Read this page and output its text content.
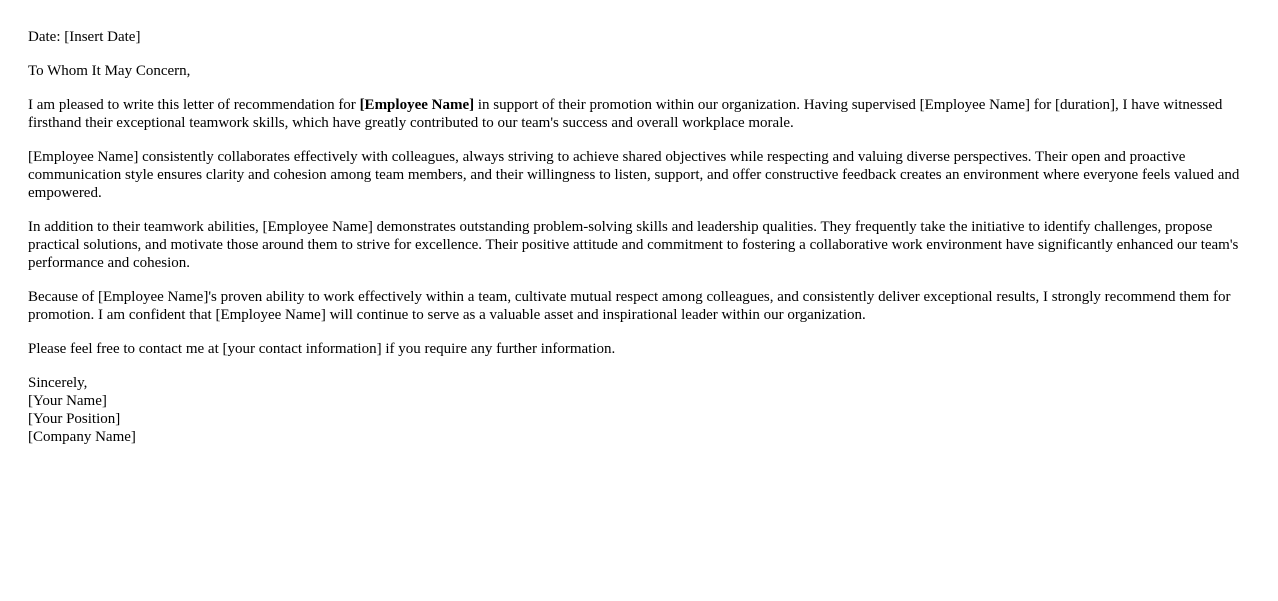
Date: [Insert Date]

To Whom It May Concern,

I am pleased to write this letter of recommendation for [Employee Name] in support of their promotion within our organization. Having supervised [Employee Name] for [duration], I have witnessed firsthand their exceptional teamwork skills, which have greatly contributed to our team's success and overall workplace morale.

[Employee Name] consistently collaborates effectively with colleagues, always striving to achieve shared objectives while respecting and valuing diverse perspectives. Their open and proactive communication style ensures clarity and cohesion among team members, and their willingness to listen, support, and offer constructive feedback creates an environment where everyone feels valued and empowered.

In addition to their teamwork abilities, [Employee Name] demonstrates outstanding problem-solving skills and leadership qualities. They frequently take the initiative to identify challenges, propose practical solutions, and motivate those around them to strive for excellence. Their positive attitude and commitment to fostering a collaborative work environment have significantly enhanced our team's performance and cohesion.

Because of [Employee Name]'s proven ability to work effectively within a team, cultivate mutual respect among colleagues, and consistently deliver exceptional results, I strongly recommend them for promotion. I am confident that [Employee Name] will continue to serve as a valuable asset and inspirational leader within our organization.

Please feel free to contact me at [your contact information] if you require any further information.

Sincerely,
[Your Name]
[Your Position]
[Company Name]
